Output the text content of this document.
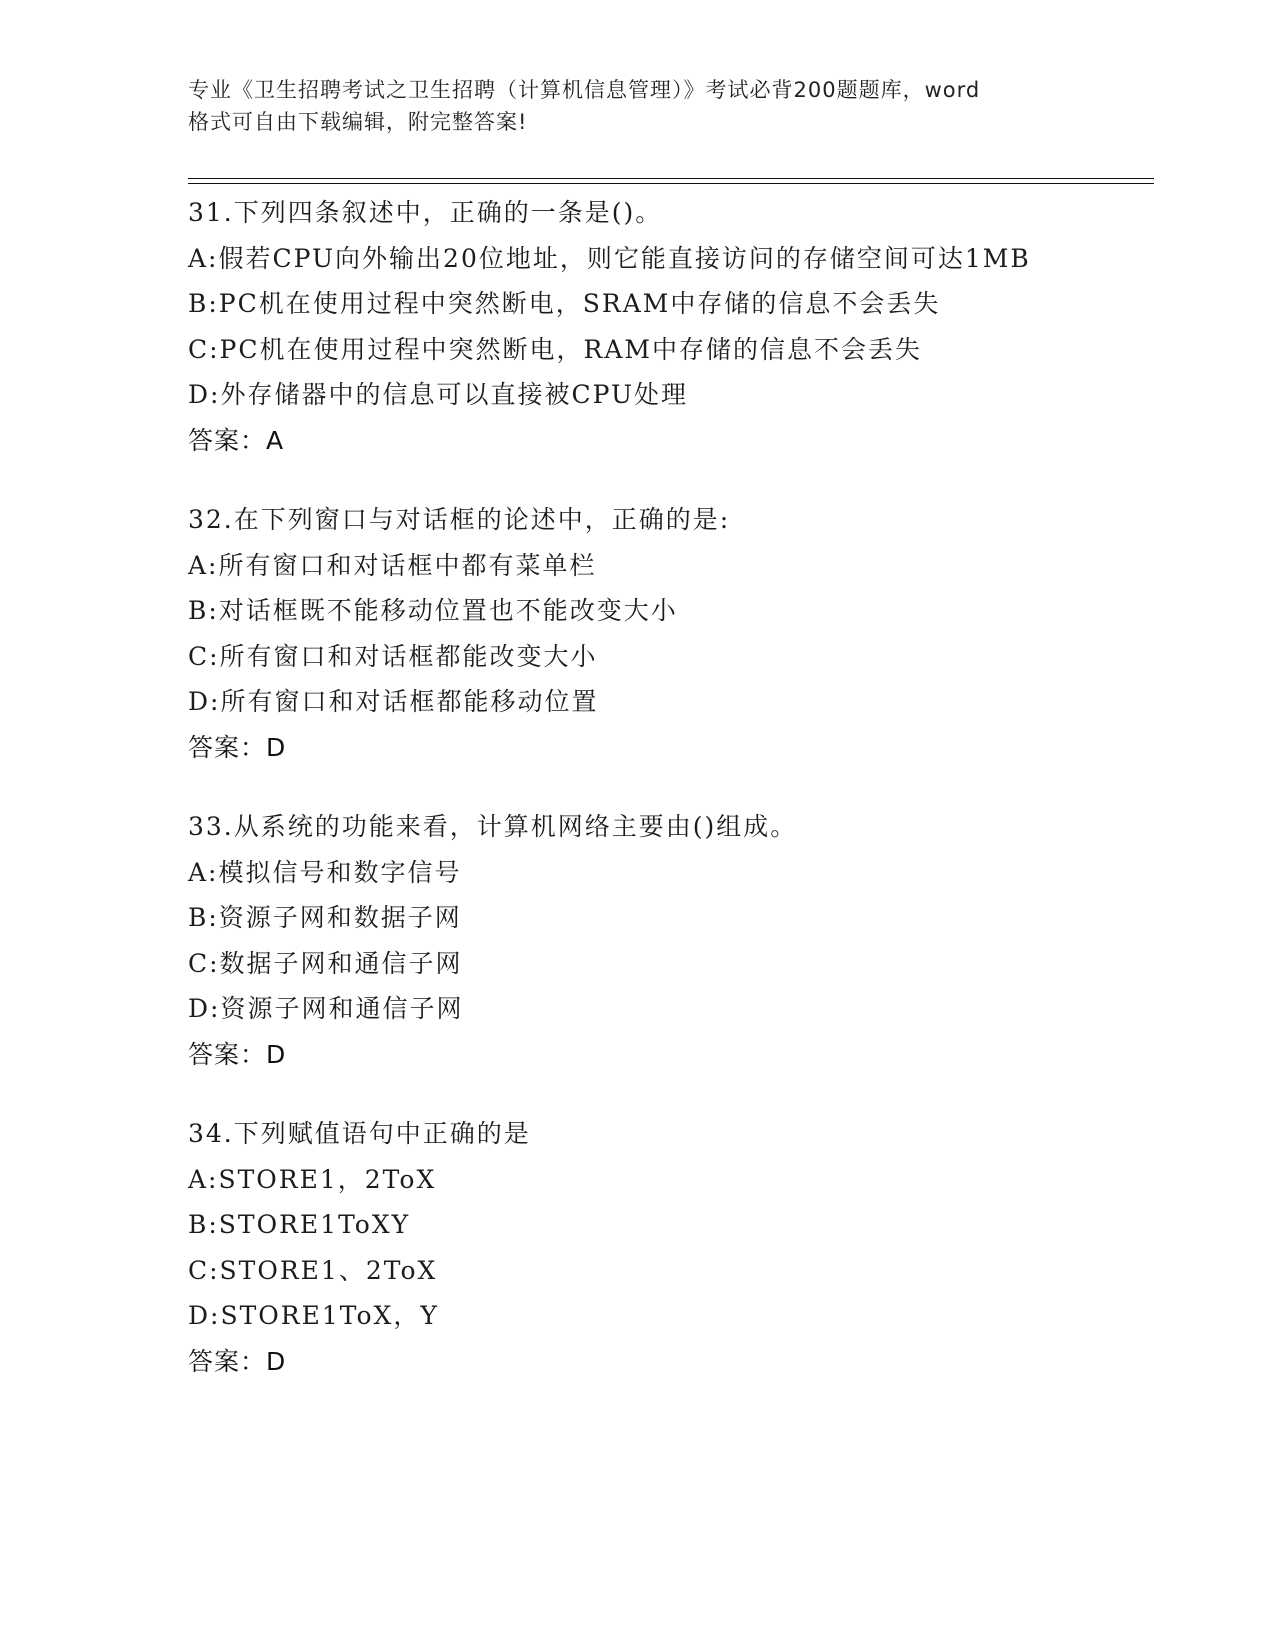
专业《卫生招聘考试之卫生招聘（计算机信息管理）》考试必背200题题库，word
格式可自由下载编辑，附完整答案!
31.下列四条叙述中，正确的一条是()。
A:假若CPU向外输出20位地址，则它能直接访问的存储空间可达1MB
B:PC机在使用过程中突然断电，SRAM中存储的信息不会丢失
C:PC机在使用过程中突然断电，RAM中存储的信息不会丢失
D:外存储器中的信息可以直接被CPU处理
答案：A
32.在下列窗口与对话框的论述中，正确的是:
A:所有窗口和对话框中都有菜单栏
B:对话框既不能移动位置也不能改变大小
C:所有窗口和对话框都能改变大小
D:所有窗口和对话框都能移动位置
答案：D
33.从系统的功能来看，计算机网络主要由()组成。
A:模拟信号和数字信号
B:资源子网和数据子网
C:数据子网和通信子网
D:资源子网和通信子网
答案：D
34.下列赋值语句中正确的是
A:STORE1，2ToX
B:STORE1ToXY
C:STORE1、2ToX
D:STORE1ToX，Y
答案：D
